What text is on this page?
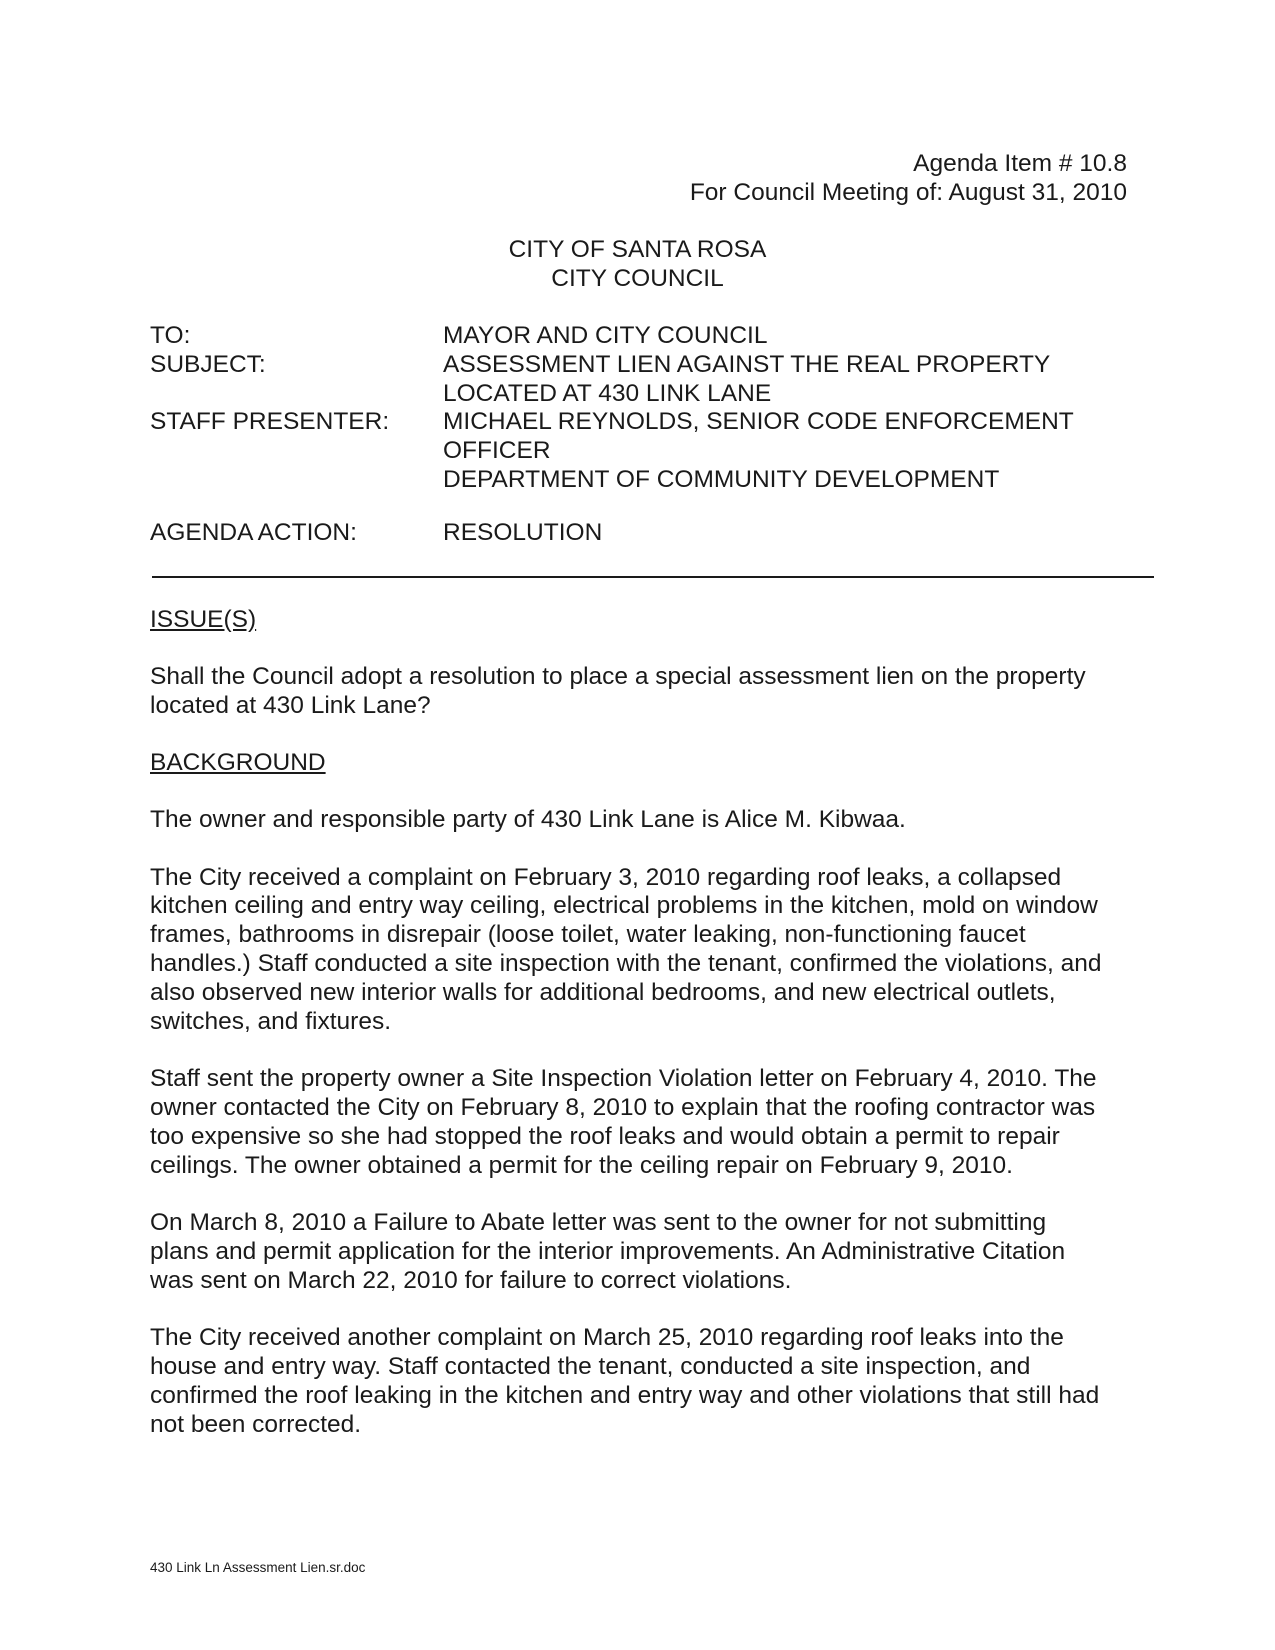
Agenda Item # 10.8
For Council Meeting of: August 31, 2010
CITY OF SANTA ROSA
CITY COUNCIL
TO:	MAYOR AND CITY COUNCIL
SUBJECT:	ASSESSMENT LIEN AGAINST THE REAL PROPERTY
LOCATED AT 430 LINK LANE
STAFF PRESENTER:	MICHAEL REYNOLDS, SENIOR CODE ENFORCEMENT
OFFICER
DEPARTMENT OF COMMUNITY DEVELOPMENT
AGENDA ACTION:	RESOLUTION
ISSUE(S)
Shall the Council adopt a resolution to place a special assessment lien on the property
located at 430 Link Lane?
BACKGROUND
The owner and responsible party of 430 Link Lane is Alice M. Kibwaa.
The City received a complaint on February 3, 2010 regarding roof leaks, a collapsed
kitchen ceiling and entry way ceiling, electrical problems in the kitchen, mold on window
frames, bathrooms in disrepair (loose toilet, water leaking, non-functioning faucet
handles.) Staff conducted a site inspection with the tenant, confirmed the violations, and
also observed new interior walls for additional bedrooms, and new electrical outlets,
switches, and fixtures.
Staff sent the property owner a Site Inspection Violation letter on February 4, 2010. The
owner contacted the City on February 8, 2010 to explain that the roofing contractor was
too expensive so she had stopped the roof leaks and would obtain a permit to repair
ceilings. The owner obtained a permit for the ceiling repair on February 9, 2010.
On March 8, 2010 a Failure to Abate letter was sent to the owner for not submitting
plans and permit application for the interior improvements. An Administrative Citation
was sent on March 22, 2010 for failure to correct violations.
The City received another complaint on March 25, 2010 regarding roof leaks into the
house and entry way. Staff contacted the tenant, conducted a site inspection, and
confirmed the roof leaking in the kitchen and entry way and other violations that still had
not been corrected.
430 Link Ln Assessment Lien.sr.doc
